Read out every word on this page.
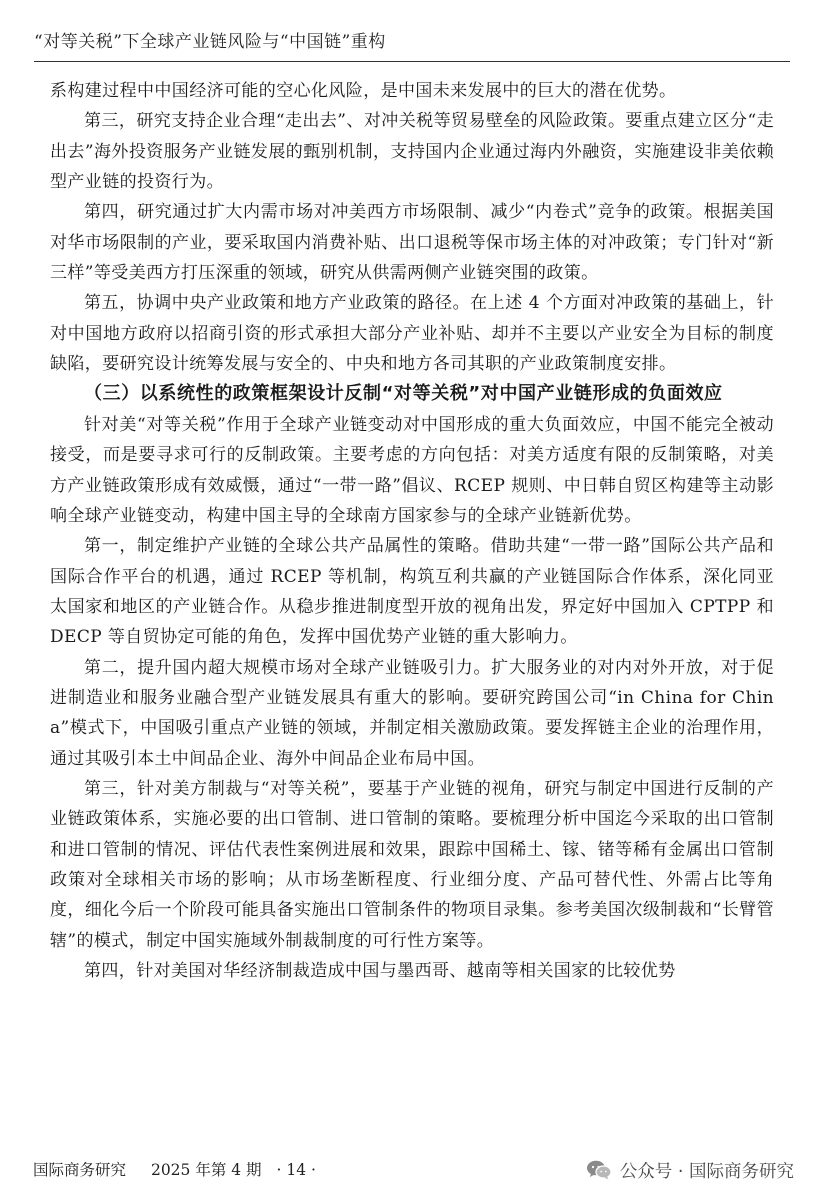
“对等关税”下全球产业链风险与“中国链”重构

系构建过程中中国经济可能的空心化风险，是中国未来发展中的巨大的潜在优势。

第三，研究支持企业合理“走出去”、对冲关税等贸易壁垒的风险政策。要重点建立区分“走出去”海外投资服务产业链发展的甄别机制，支持国内企业通过海内外融资，实施建设非美依赖型产业链的投资行为。

第四，研究通过扩大内需市场对冲美西方市场限制、减少“内卷式”竞争的政策。根据美国对华市场限制的产业，要采取国内消费补贴、出口退税等保市场主体的对冲政策；专门针对“新三样”等受美西方打压深重的领域，研究从供需两侧产业链突围的政策。

第五，协调中央产业政策和地方产业政策的路径。在上述 4 个方面对冲政策的基础上，针对中国地方政府以招商引资的形式承担大部分产业补贴、却并不主要以产业安全为目标的制度缺陷，要研究设计统筹发展与安全的、中央和地方各司其职的产业政策制度安排。

（三）以系统性的政策框架设计反制“对等关税”对中国产业链形成的负面效应

针对美“对等关税”作用于全球产业链变动对中国形成的重大负面效应，中国不能完全被动接受，而是要寻求可行的反制政策。主要考虑的方向包括：对美方适度有限的反制策略，对美方产业链政策形成有效威慑，通过“一带一路”倡议、RCEP 规则、中日韩自贸区构建等主动影响全球产业链变动，构建中国主导的全球南方国家参与的全球产业链新优势。

第一，制定维护产业链的全球公共产品属性的策略。借助共建“一带一路”国际公共产品和国际合作平台的机遇，通过 RCEP 等机制，构筑互利共赢的产业链国际合作体系，深化同亚太国家和地区的产业链合作。从稳步推进制度型开放的视角出发，界定好中国加入 CPTPP 和 DECP 等自贸协定可能的角色，发挥中国优势产业链的重大影响力。

第二，提升国内超大规模市场对全球产业链吸引力。扩大服务业的对内对外开放，对于促进制造业和服务业融合型产业链发展具有重大的影响。要研究跨国公司“in China for China”模式下，中国吸引重点产业链的领域，并制定相关激励政策。要发挥链主企业的治理作用，通过其吸引本土中间品企业、海外中间品企业布局中国。

第三，针对美方制裁与“对等关税”，要基于产业链的视角，研究与制定中国进行反制的产业链政策体系，实施必要的出口管制、进口管制的策略。要梳理分析中国迄今采取的出口管制和进口管制的情况、评估代表性案例进展和效果，跟踪中国稀土、镓、锗等稀有金属出口管制政策对全球相关市场的影响；从市场垄断程度、行业细分度、产品可替代性、外需占比等角度，细化今后一个阶段可能具备实施出口管制条件的物项目录集。参考美国次级制裁和“长臂管辖”的模式，制定中国实施域外制裁制度的可行性方案等。

第四，针对美国对华经济制裁造成中国与墨西哥、越南等相关国家的比较优势

国际商务研究 2025 年第 4 期 · 14 ·	公众号 · 国际商务研究
